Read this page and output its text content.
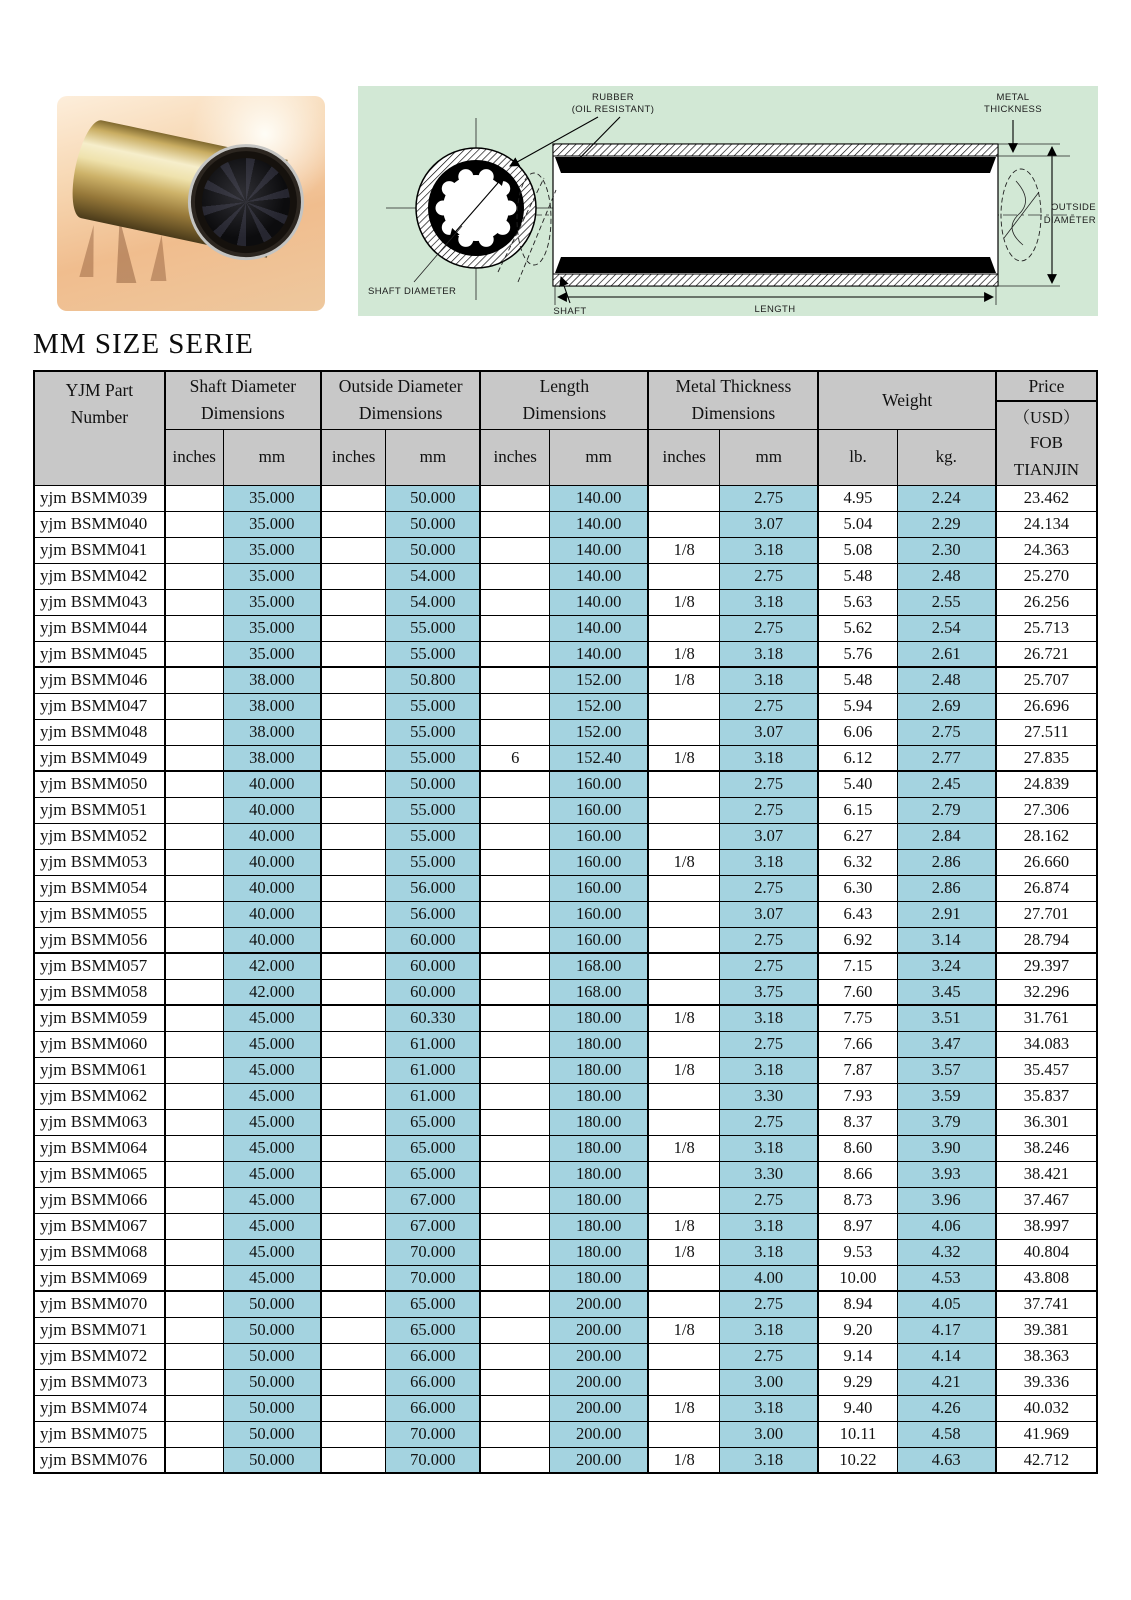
RUBBER
(OIL RESISTANT)
METAL
THICKNESS
OUTSIDE
DIAMETER
SHAFT DIAMETER
SHAFT	LENGTH
MM SIZE SERIE
YJM Part
Number	Shaft Diameter
Dimensions		Outside Diameter
Dimensions		Length
Dimensions		Metal Thickness
Dimensions		Weight		Price
											（USD）
	inches	mm	inches	mm	inches	mm	inches	mm	lb.	kg.	FOB
TIANJIN

yjm BSMM039		35.000		50.000		140.00		2.75	4.95	2.24	23.462
yjm BSMM040		35.000		50.000		140.00		3.07	5.04	2.29	24.134
yjm BSMM041		35.000		50.000		140.00	1/8	3.18	5.08	2.30	24.363
yjm BSMM042		35.000		54.000		140.00		2.75	5.48	2.48	25.270
yjm BSMM043		35.000		54.000		140.00	1/8	3.18	5.63	2.55	26.256
yjm BSMM044		35.000		55.000		140.00		2.75	5.62	2.54	25.713
yjm BSMM045		35.000		55.000		140.00	1/8	3.18	5.76	2.61	26.721
yjm BSMM046		38.000		50.800		152.00	1/8	3.18	5.48	2.48	25.707
yjm BSMM047		38.000		55.000		152.00		2.75	5.94	2.69	26.696
yjm BSMM048		38.000		55.000		152.00		3.07	6.06	2.75	27.511
yjm BSMM049		38.000		55.000	6	152.40	1/8	3.18	6.12	2.77	27.835
yjm BSMM050		40.000		50.000		160.00		2.75	5.40	2.45	24.839
yjm BSMM051		40.000		55.000		160.00		2.75	6.15	2.79	27.306
yjm BSMM052		40.000		55.000		160.00		3.07	6.27	2.84	28.162
yjm BSMM053		40.000		55.000		160.00	1/8	3.18	6.32	2.86	26.660
yjm BSMM054		40.000		56.000		160.00		2.75	6.30	2.86	26.874
yjm BSMM055		40.000		56.000		160.00		3.07	6.43	2.91	27.701
yjm BSMM056		40.000		60.000		160.00		2.75	6.92	3.14	28.794
yjm BSMM057		42.000		60.000		168.00		2.75	7.15	3.24	29.397
yjm BSMM058		42.000		60.000		168.00		3.75	7.60	3.45	32.296
yjm BSMM059		45.000		60.330		180.00	1/8	3.18	7.75	3.51	31.761
yjm BSMM060		45.000		61.000		180.00		2.75	7.66	3.47	34.083
yjm BSMM061		45.000		61.000		180.00	1/8	3.18	7.87	3.57	35.457
yjm BSMM062		45.000		61.000		180.00		3.30	7.93	3.59	35.837
yjm BSMM063		45.000		65.000		180.00		2.75	8.37	3.79	36.301
yjm BSMM064		45.000		65.000		180.00	1/8	3.18	8.60	3.90	38.246
yjm BSMM065		45.000		65.000		180.00		3.30	8.66	3.93	38.421
yjm BSMM066		45.000		67.000		180.00		2.75	8.73	3.96	37.467
yjm BSMM067		45.000		67.000		180.00	1/8	3.18	8.97	4.06	38.997
yjm BSMM068		45.000		70.000		180.00	1/8	3.18	9.53	4.32	40.804
yjm BSMM069		45.000		70.000		180.00		4.00	10.00	4.53	43.808
yjm BSMM070		50.000		65.000		200.00		2.75	8.94	4.05	37.741
yjm BSMM071		50.000		65.000		200.00	1/8	3.18	9.20	4.17	39.381
yjm BSMM072		50.000		66.000		200.00		2.75	9.14	4.14	38.363
yjm BSMM073		50.000		66.000		200.00		3.00	9.29	4.21	39.336
yjm BSMM074		50.000		66.000		200.00	1/8	3.18	9.40	4.26	40.032
yjm BSMM075		50.000		70.000		200.00		3.00	10.11	4.58	41.969
yjm BSMM076		50.000		70.000		200.00	1/8	3.18	10.22	4.63	42.712
